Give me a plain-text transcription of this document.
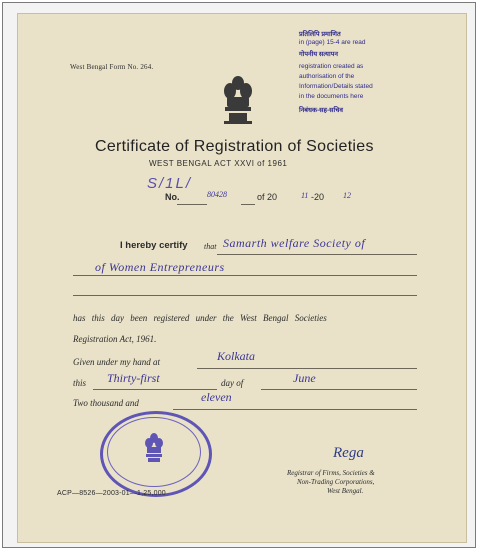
West Bengal Form No. 264.
प्रतिलिपि प्रमाणित
in (page) 15-4 are read
गोपनीय सत्यापन
registration created as
authorisation of the
Information/Details stated
in the documents here
निबंधक-सह-सचिव
Certificate of Registration of Societies
WEST BENGAL ACT XXVI of 1961
S/1L/
No.	80428	of 20	11 -20 12
I hereby certify that Samarth welfare Society of
of Women Entrepreneurs
has this day been registered under the West Bengal Societies
Registration Act, 1961.
Given under my hand at	Kolkata
this Thirty-first	day of	June
Two thousand and	eleven
Rega
Registrar of Firms, Societies &
Non-Trading Corporations,
West Bengal.
ACP—8526—2003-01—1,25,000
